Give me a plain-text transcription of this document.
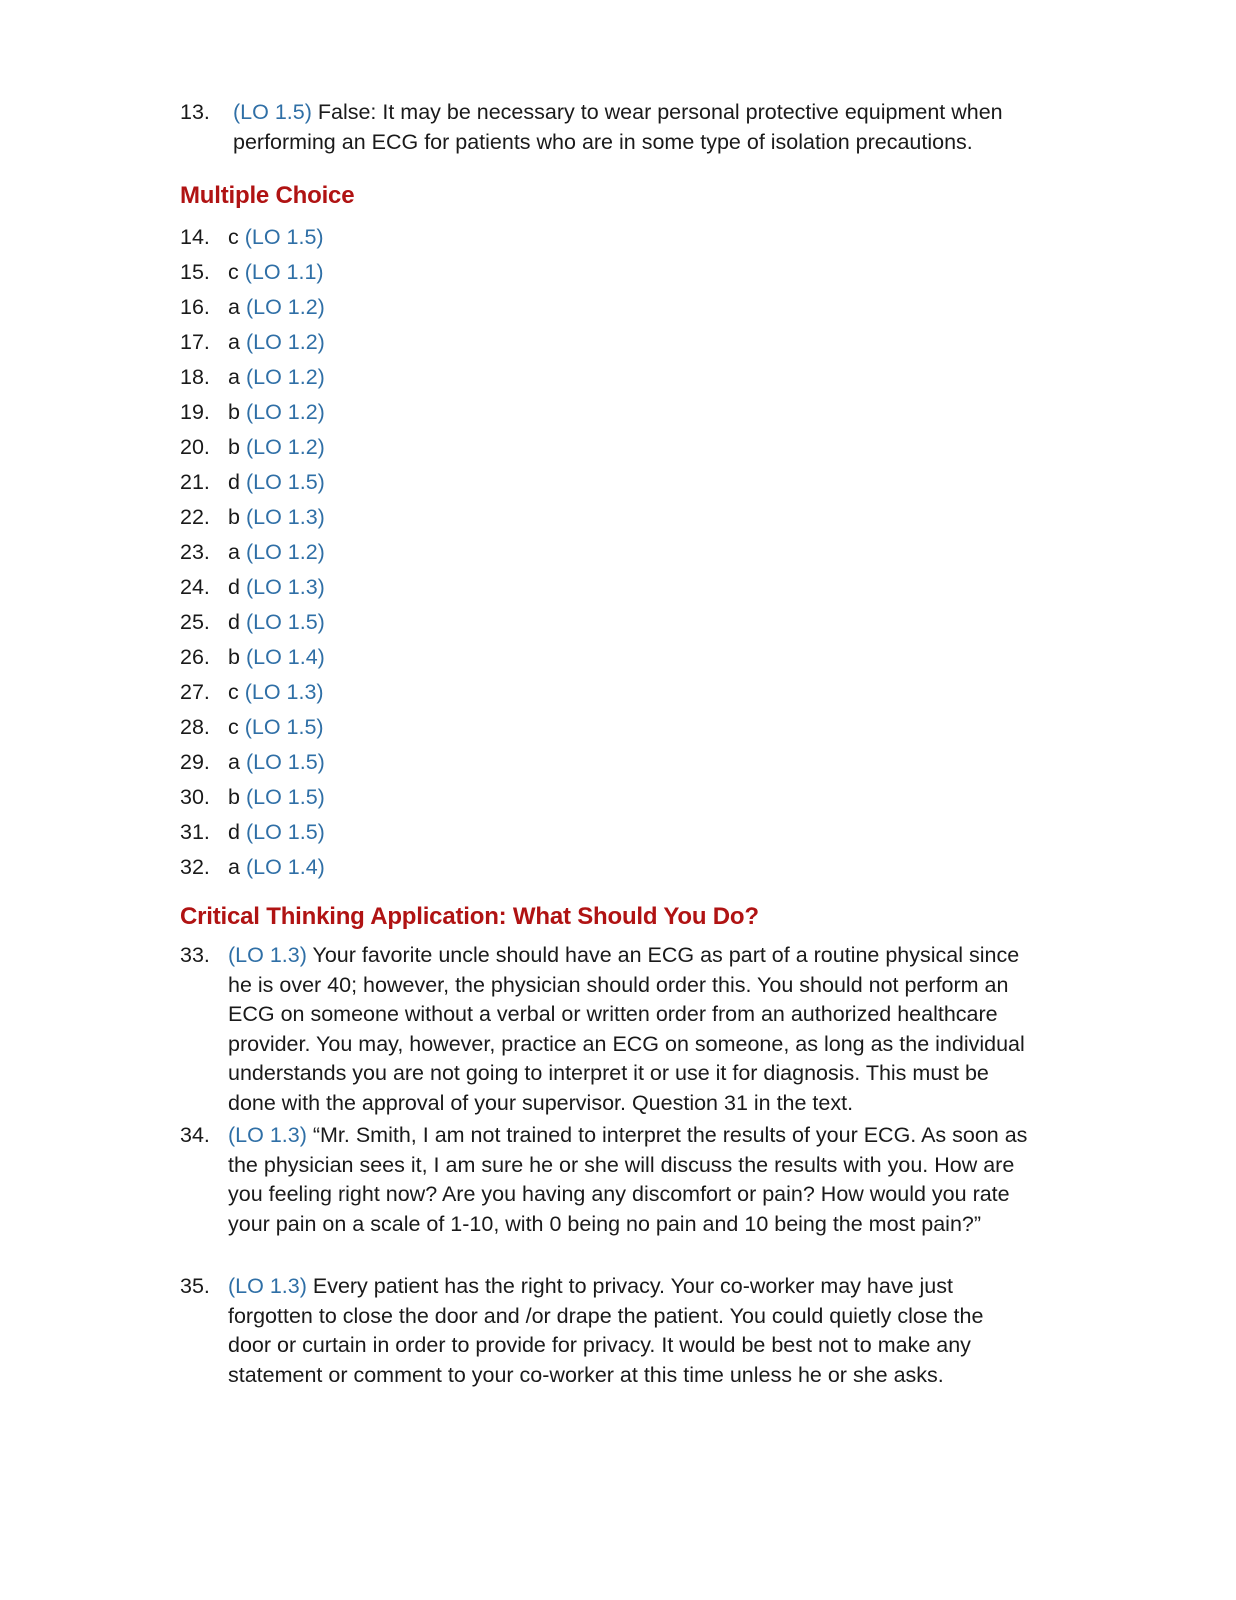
13. (LO 1.5) False: It may be necessary to wear personal protective equipment when performing an ECG for patients who are in some type of isolation precautions.
Multiple Choice
14. c (LO 1.5)
15. c (LO 1.1)
16. a (LO 1.2)
17. a (LO 1.2)
18. a (LO 1.2)
19. b (LO 1.2)
20. b (LO 1.2)
21. d (LO 1.5)
22. b (LO 1.3)
23. a (LO 1.2)
24. d (LO 1.3)
25. d (LO 1.5)
26. b (LO 1.4)
27. c (LO 1.3)
28. c (LO 1.5)
29. a (LO 1.5)
30. b (LO 1.5)
31. d (LO 1.5)
32. a (LO 1.4)
Critical Thinking Application: What Should You Do?
33. (LO 1.3) Your favorite uncle should have an ECG as part of a routine physical since he is over 40; however, the physician should order this. You should not perform an ECG on someone without a verbal or written order from an authorized healthcare provider. You may, however, practice an ECG on someone, as long as the individual understands you are not going to interpret it or use it for diagnosis. This must be done with the approval of your supervisor. Question 31 in the text.
34. (LO 1.3) “Mr. Smith, I am not trained to interpret the results of your ECG. As soon as the physician sees it, I am sure he or she will discuss the results with you. How are you feeling right now? Are you having any discomfort or pain? How would you rate your pain on a scale of 1-10, with 0 being no pain and 10 being the most pain?”
35. (LO 1.3) Every patient has the right to privacy. Your co-worker may have just forgotten to close the door and /or drape the patient. You could quietly close the door or curtain in order to provide for privacy. It would be best not to make any statement or comment to your co-worker at this time unless he or she asks.
